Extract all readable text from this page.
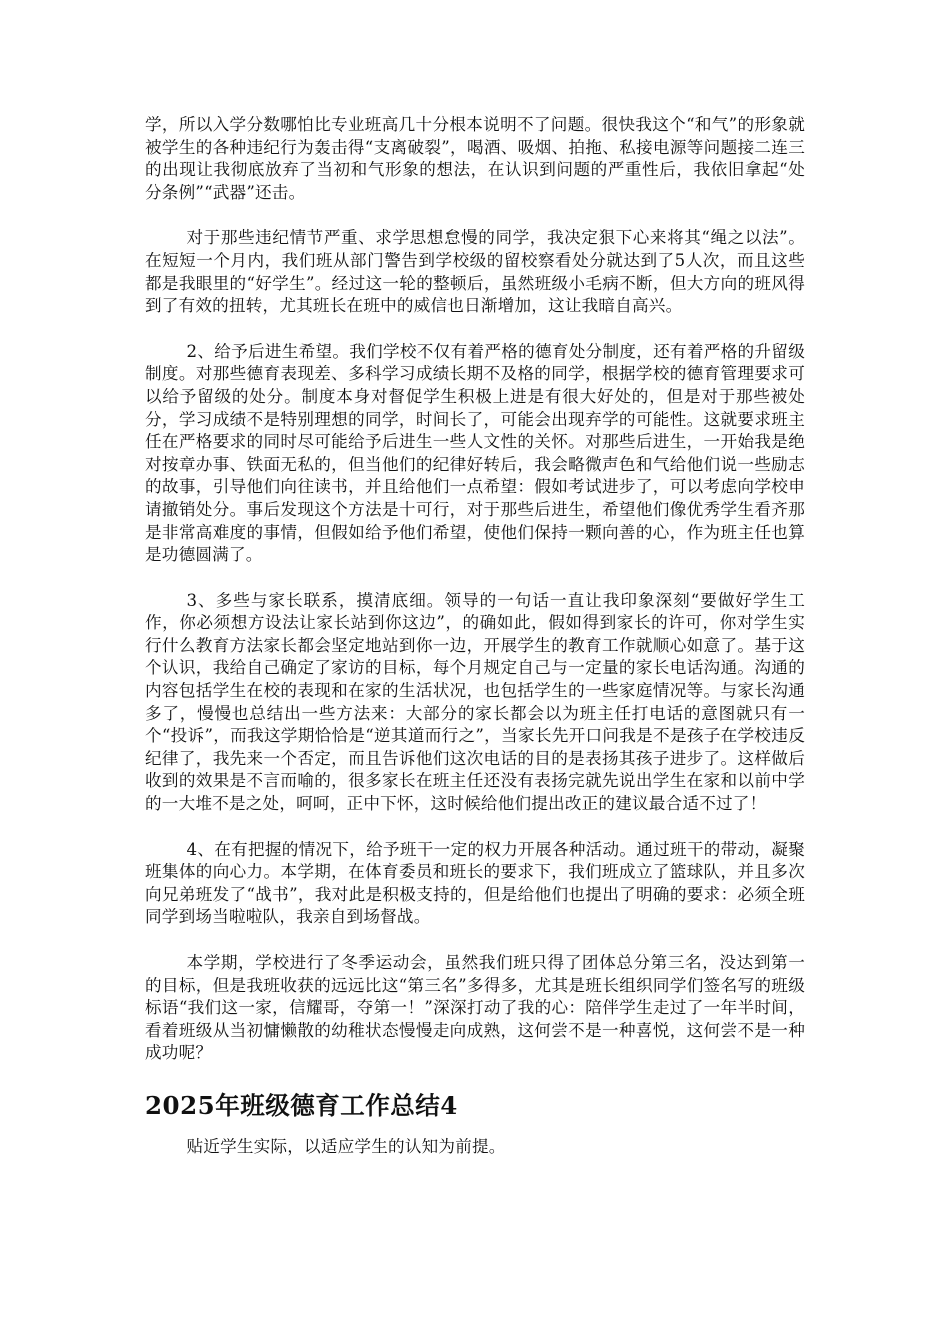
学，所以入学分数哪怕比专业班高几十分根本说明不了问题。很快我这个“和气”的形象就被学生的各种违纪行为轰击得“支离破裂”，喝酒、吸烟、拍拖、私接电源等问题接二连三的出现让我彻底放弃了当初和气形象的想法，在认识到问题的严重性后，我依旧拿起“处分条例”“武器”还击。

对于那些违纪情节严重、求学思想怠慢的同学，我决定狠下心来将其“绳之以法”。在短短一个月内，我们班从部门警告到学校级的留校察看处分就达到了5人次，而且这些都是我眼里的“好学生”。经过这一轮的整顿后，虽然班级小毛病不断，但大方向的班风得到了有效的扭转，尤其班长在班中的威信也日渐增加，这让我暗自高兴。

2、给予后进生希望。我们学校不仅有着严格的德育处分制度，还有着严格的升留级制度。对那些德育表现差、多科学习成绩长期不及格的同学，根据学校的德育管理要求可以给予留级的处分。制度本身对督促学生积极上进是有很大好处的，但是对于那些被处分，学习成绩不是特别理想的同学，时间长了，可能会出现弃学的可能性。这就要求班主任在严格要求的同时尽可能给予后进生一些人文性的关怀。对那些后进生，一开始我是绝对按章办事、铁面无私的，但当他们的纪律好转后，我会略微声色和气给他们说一些励志的故事，引导他们向往读书，并且给他们一点希望：假如考试进步了，可以考虑向学校申请撤销处分。事后发现这个方法是十可行，对于那些后进生，希望他们像优秀学生看齐那是非常高难度的事情，但假如给予他们希望，使他们保持一颗向善的心，作为班主任也算是功德圆满了。

3、多些与家长联系，摸清底细。领导的一句话一直让我印象深刻“要做好学生工作，你必须想方设法让家长站到你这边”，的确如此，假如得到家长的许可，你对学生实行什么教育方法家长都会坚定地站到你一边，开展学生的教育工作就顺心如意了。基于这个认识，我给自己确定了家访的目标，每个月规定自己与一定量的家长电话沟通。沟通的内容包括学生在校的表现和在家的生活状况，也包括学生的一些家庭情况等。与家长沟通多了，慢慢也总结出一些方法来：大部分的家长都会以为班主任打电话的意图就只有一个“投诉”，而我这学期恰恰是“逆其道而行之”，当家长先开口问我是不是孩子在学校违反纪律了，我先来一个否定，而且告诉他们这次电话的目的是表扬其孩子进步了。这样做后收到的效果是不言而喻的，很多家长在班主任还没有表扬完就先说出学生在家和以前中学的一大堆不是之处，呵呵，正中下怀，这时候给他们提出改正的建议最合适不过了！

4、在有把握的情况下，给予班干一定的权力开展各种活动。通过班干的带动，凝聚班集体的向心力。本学期，在体育委员和班长的要求下，我们班成立了篮球队，并且多次向兄弟班发了“战书”，我对此是积极支持的，但是给他们也提出了明确的要求：必须全班同学到场当啦啦队，我亲自到场督战。

本学期，学校进行了冬季运动会，虽然我们班只得了团体总分第三名，没达到第一的目标，但是我班收获的远远比这“第三名”多得多，尤其是班长组织同学们签名写的班级标语“我们这一家，信耀哥，夺第一！”深深打动了我的心：陪伴学生走过了一年半时间，看着班级从当初慵懒散的幼稚状态慢慢走向成熟，这何尝不是一种喜悦，这何尝不是一种成功呢？

2025年班级德育工作总结4

贴近学生实际，以适应学生的认知为前提。
